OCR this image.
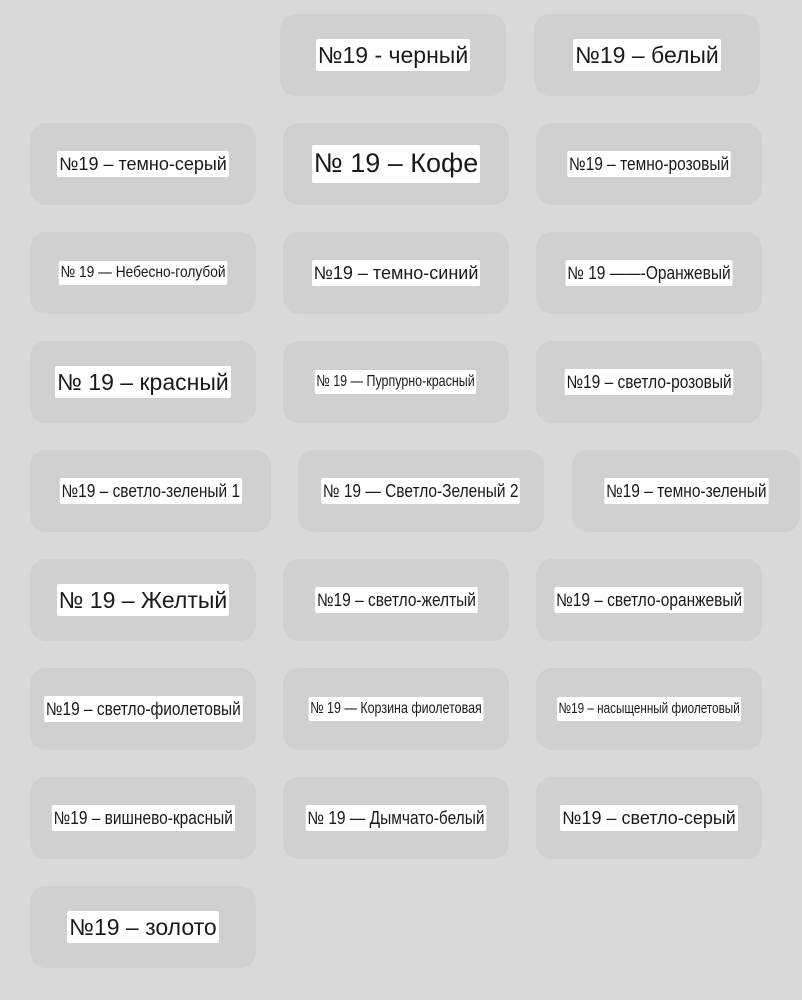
№19 - черный	№19 – белый
№19 – темно-серый	№ 19 – Кофе	№19 – темно-розовый
№ 19 — Небесно-голубой	№19 – темно-синий	№ 19 ——-Оранжевый
№ 19 – красный	№ 19 — Пурпурно-красный	№19 – светло-розовый
№19 – светло-зеленый 1	№ 19 — Светло-Зеленый 2	№19 – темно-зеленый
№ 19 – Желтый	№19 – светло-желтый	№19 – светло-оранжевый
№19 – светло-фиолетовый	№ 19 — Корзина фиолетовая	№19 – насыщенный фиолетовый
№19 – вишнево-красный	№ 19 — Дымчато-белый	№19 – светло-серый
№19 – золото
